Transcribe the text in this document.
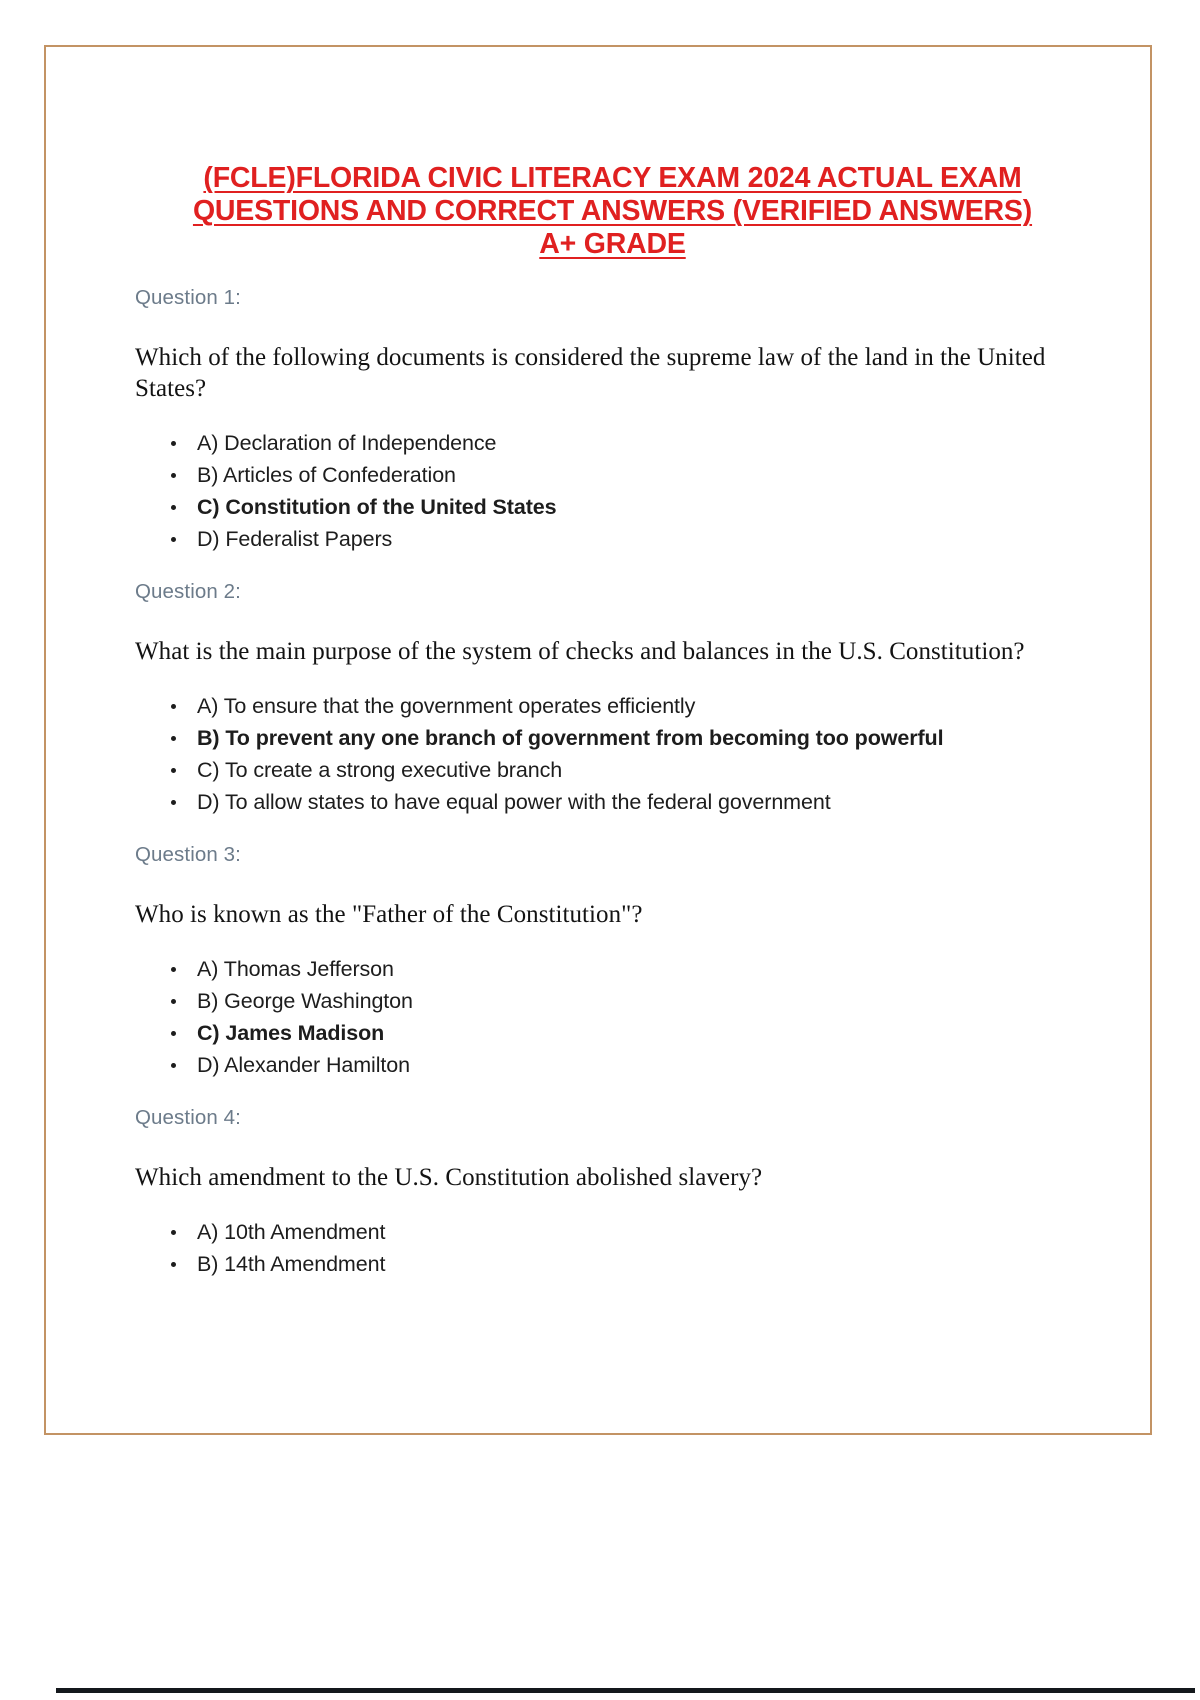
(FCLE)FLORIDA CIVIC LITERACY EXAM 2024 ACTUAL EXAM
QUESTIONS AND CORRECT ANSWERS (VERIFIED ANSWERS)
A+ GRADE
Question 1:
Which of the following documents is considered the supreme law of the land in the United States?
A) Declaration of Independence
B) Articles of Confederation
C) Constitution of the United States
D) Federalist Papers
Question 2:
What is the main purpose of the system of checks and balances in the U.S. Constitution?
A) To ensure that the government operates efficiently
B) To prevent any one branch of government from becoming too powerful
C) To create a strong executive branch
D) To allow states to have equal power with the federal government
Question 3:
Who is known as the "Father of the Constitution"?
A) Thomas Jefferson
B) George Washington
C) James Madison
D) Alexander Hamilton
Question 4:
Which amendment to the U.S. Constitution abolished slavery?
A) 10th Amendment
B) 14th Amendment
